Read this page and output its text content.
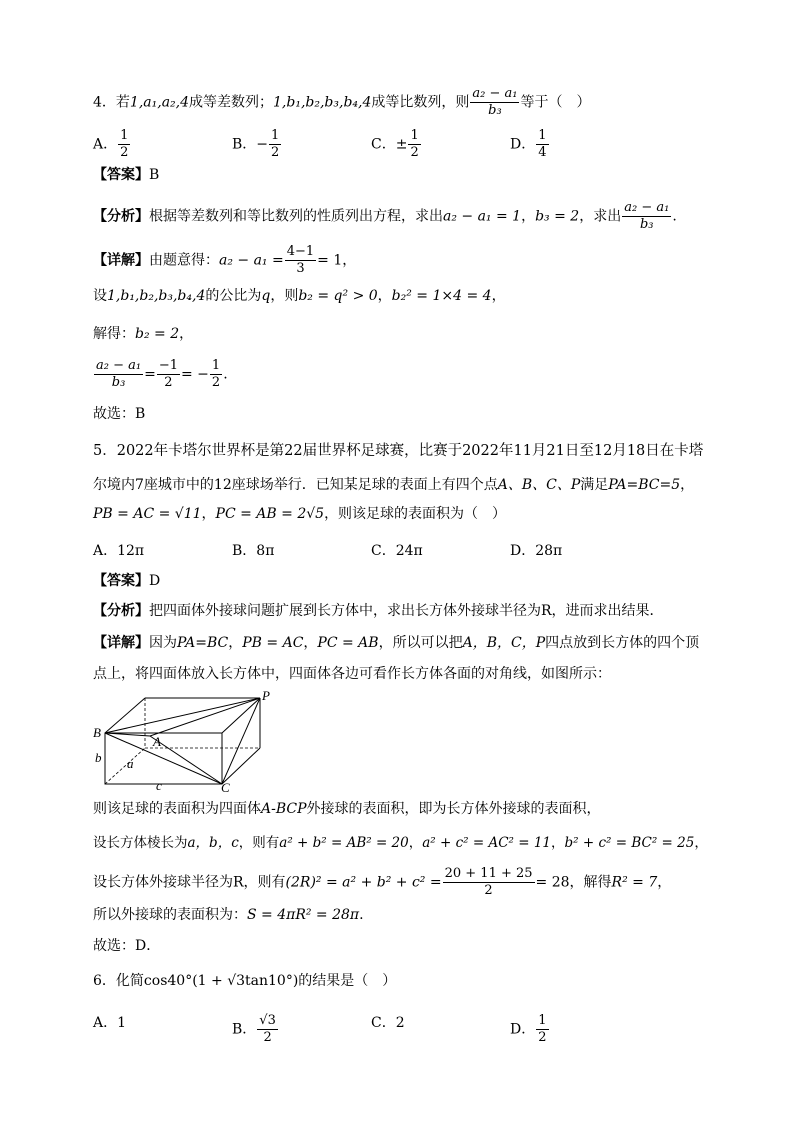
4．若1,a₁,a₂,4成等差数列；1,b₁,b₂,b₃,b₄,4成等比数列，则 $\frac{\text{a₂ − a₁}}{\text{b₃}}$ 等于（　）
A． $\frac{1}{2}$	B．− $\frac{1}{2}$	C．± $\frac{1}{2}$	D． $\frac{1}{4}$
【答案】B
【分析】根据等差数列和等比数列的性质列出方程，求出a₂ − a₁ = 1，b₃ = 2，求出 $\frac{\text{a₂ − a₁}}{\text{b₃}}$ .
【详解】由题意得：$a_2 - a_1 = \frac{4-1}{3} = 1$，
设1,b₁,b₂,b₃,b₄,4的公比为q，则b₂ = q² > 0，b₂² = 1×4 = 4，
解得：b₂ = 2，
$\frac{\text{a₂ − a₁}}{\text{b₃}} = \frac{-1}{2}$ = − $\frac{1}{2}$ .
故选：B
5．2022年卡塔尔世界杯是第22届世界杯足球赛，比赛于2022年11月21日至12月18日在卡塔
尔境内7座城市中的12座球场举行．已知某足球的表面上有四个点A、B、C、P满足PA=BC=5，
PB = AC = √11，PC = AB = 2√5，则该足球的表面积为（　）
A．12π	B．8π	C．24π	D．28π
【答案】D
【分析】把四面体外接球问题扩展到长方体中，求出长方体外接球半径为R，进而求出结果．
【详解】因为PA=BC，PB = AC，PC = AB，所以可以把A，B，C，P四点放到长方体的四个顶
点上，将四面体放入长方体中，四面体各边可看作长方体各面的对角线，如图所示：
P
B
A
b a
c	C
则该足球的表面积为四面体A-BCP外接球的表面积，即为长方体外接球的表面积，
设长方体棱长为a，b，c，则有a² + b² = AB² = 20，a² + c² = AC² = 11，b² + c² = BC² = 25，
设长方体外接球半径为R，则有$(2R)^2 = a^2 + b^2 + c^2 = \frac{20 + 11 + 25}{2} = 28$，解得R² = 7，
所以外接球的表面积为：S = 4πR² = 28π.
故选：D．
6．化简cos40°(1 + √3tan10°)的结果是（　）
A．1	B． $\frac{√3}{2}$	C．2	D． $\frac{1}{2}$
